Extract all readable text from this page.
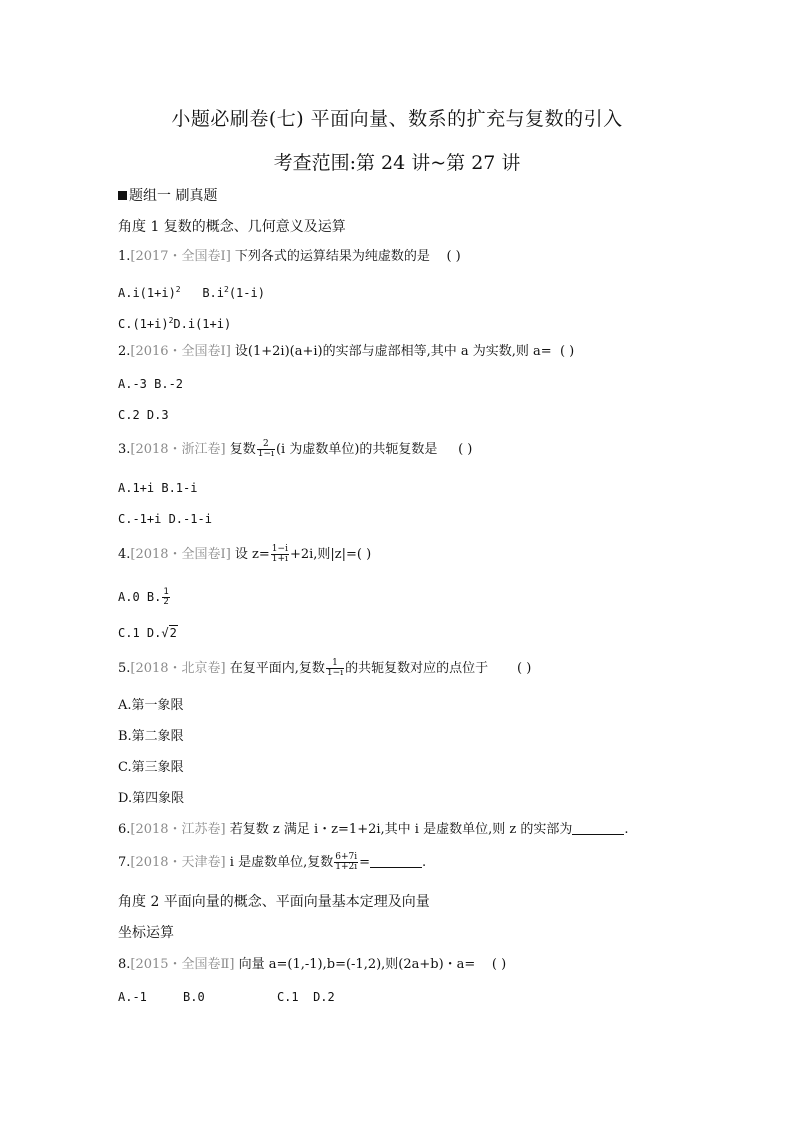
小题必刷卷(七) 平面向量、数系的扩充与复数的引入
考查范围:第 24 讲~第 27 讲
题组一 刷真题
角度 1 复数的概念、几何意义及运算
1.[2017・全国卷Ⅰ] 下列各式的运算结果为纯虚数的是 ( )
$A.i(1+i)^2$ $B.i^2(1-i)$
$C.(1+i)^2D.i(1+i)$
2.[2016・全国卷Ⅰ] 设(1+2i)(a+i)的实部与虚部相等,其中 a 为实数,则 a= ( )
A.-3 B.-2
C.2 D.3
3.[2018・浙江卷] 复数 $\frac{2}{1-i} (i$ 为虚数单位)的共轭复数是 ( )
A.1+i B.1-i
C.-1+i D.-1-i
4.[2018・全国卷Ⅰ] 设 $z= \frac{1-i}{1+i} +2i$,则|z|=( )
A.0 B. $\frac{1}{2}$
C.1 D.√2
5.[2018・北京卷] 在复平面内,复数 $\frac{1}{1-i}$ 的共轭复数对应的点位于 ( )
A.第一象限
B.第二象限
C.第三象限
D.第四象限
6.[2018・江苏卷] 若复数 z 满足 i・z=1+2i,其中 i 是虚数单位,则 z 的实部为	.
7.[2018・天津卷] i 是虚数单位,复数 $\frac{6+7i}{1+2i}$ =	.
角度 2 平面向量的概念、平面向量基本定理及向量
坐标运算
8.[2015・全国卷Ⅱ] 向量 a=(1,-1),b=(-1,2),则(2a+b)・a= ( )
A.-1     B.0          C.1  D.2
